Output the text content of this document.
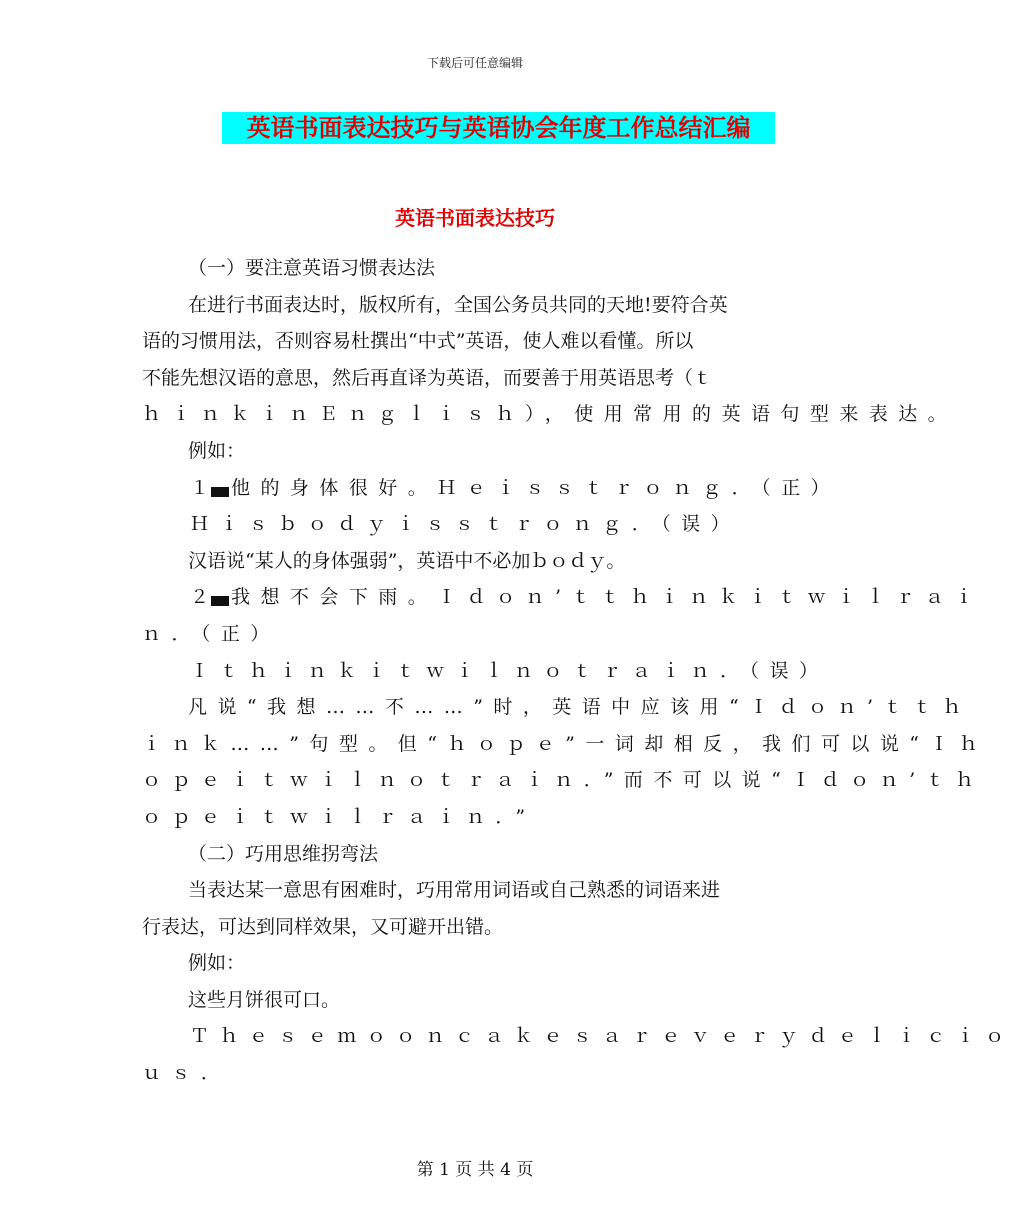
下载后可任意编辑
英语书面表达技巧与英语协会年度工作总结汇编
英语书面表达技巧
（一）要注意英语习惯表达法
在进行书面表达时，版权所有，全国公务员共同的天地!要符合英
语的习惯用法，否则容易杜撰出“中式”英语，使人难以看懂。所以
不能先想汉语的意思，然后再直译为英语，而要善于用英语思考（ｔ
ｈｉｎｋｉｎＥｎｇｌｉｓｈ），使用常用的英语句型来表达。
例如：
１ 他的身体很好。Ｈｅｉｓｓｔｒｏｎｇ．（正）
Ｈｉｓｂｏｄｙｉｓｓｔｒｏｎｇ．（误）
汉语说“某人的身体强弱”，英语中不必加ｂｏｄｙ。
２ 我想不会下雨。Ｉｄｏｎ’ｔｔｈｉｎｋｉｔｗｉｌｒａｉ
ｎ．（正）
Ｉｔｈｉｎｋｉｔｗｉｌｎｏｔｒａｉｎ．（误）
凡说“我想……不……”时，英语中应该用“Ｉｄｏｎ’ｔｔｈ
ｉｎｋ……”句型。但“ｈｏｐｅ”一词却相反，我们可以说“Ｉｈ
ｏｐｅｉｔｗｉｌｎｏｔｒａｉｎ．”而不可以说“Ｉｄｏｎ’ｔｈ
ｏｐｅｉｔｗｉｌｒａｉｎ．”
（二）巧用思维拐弯法
当表达某一意思有困难时，巧用常用词语或自己熟悉的词语来进
行表达，可达到同样效果，又可避开出错。
例如：
这些月饼很可口。
Ｔｈｅｓｅｍｏｏｎｃａｋｅｓａｒｅｖｅｒｙｄｅｌｉｃｉｏ
ｕｓ．
第 1 页 共 4 页
